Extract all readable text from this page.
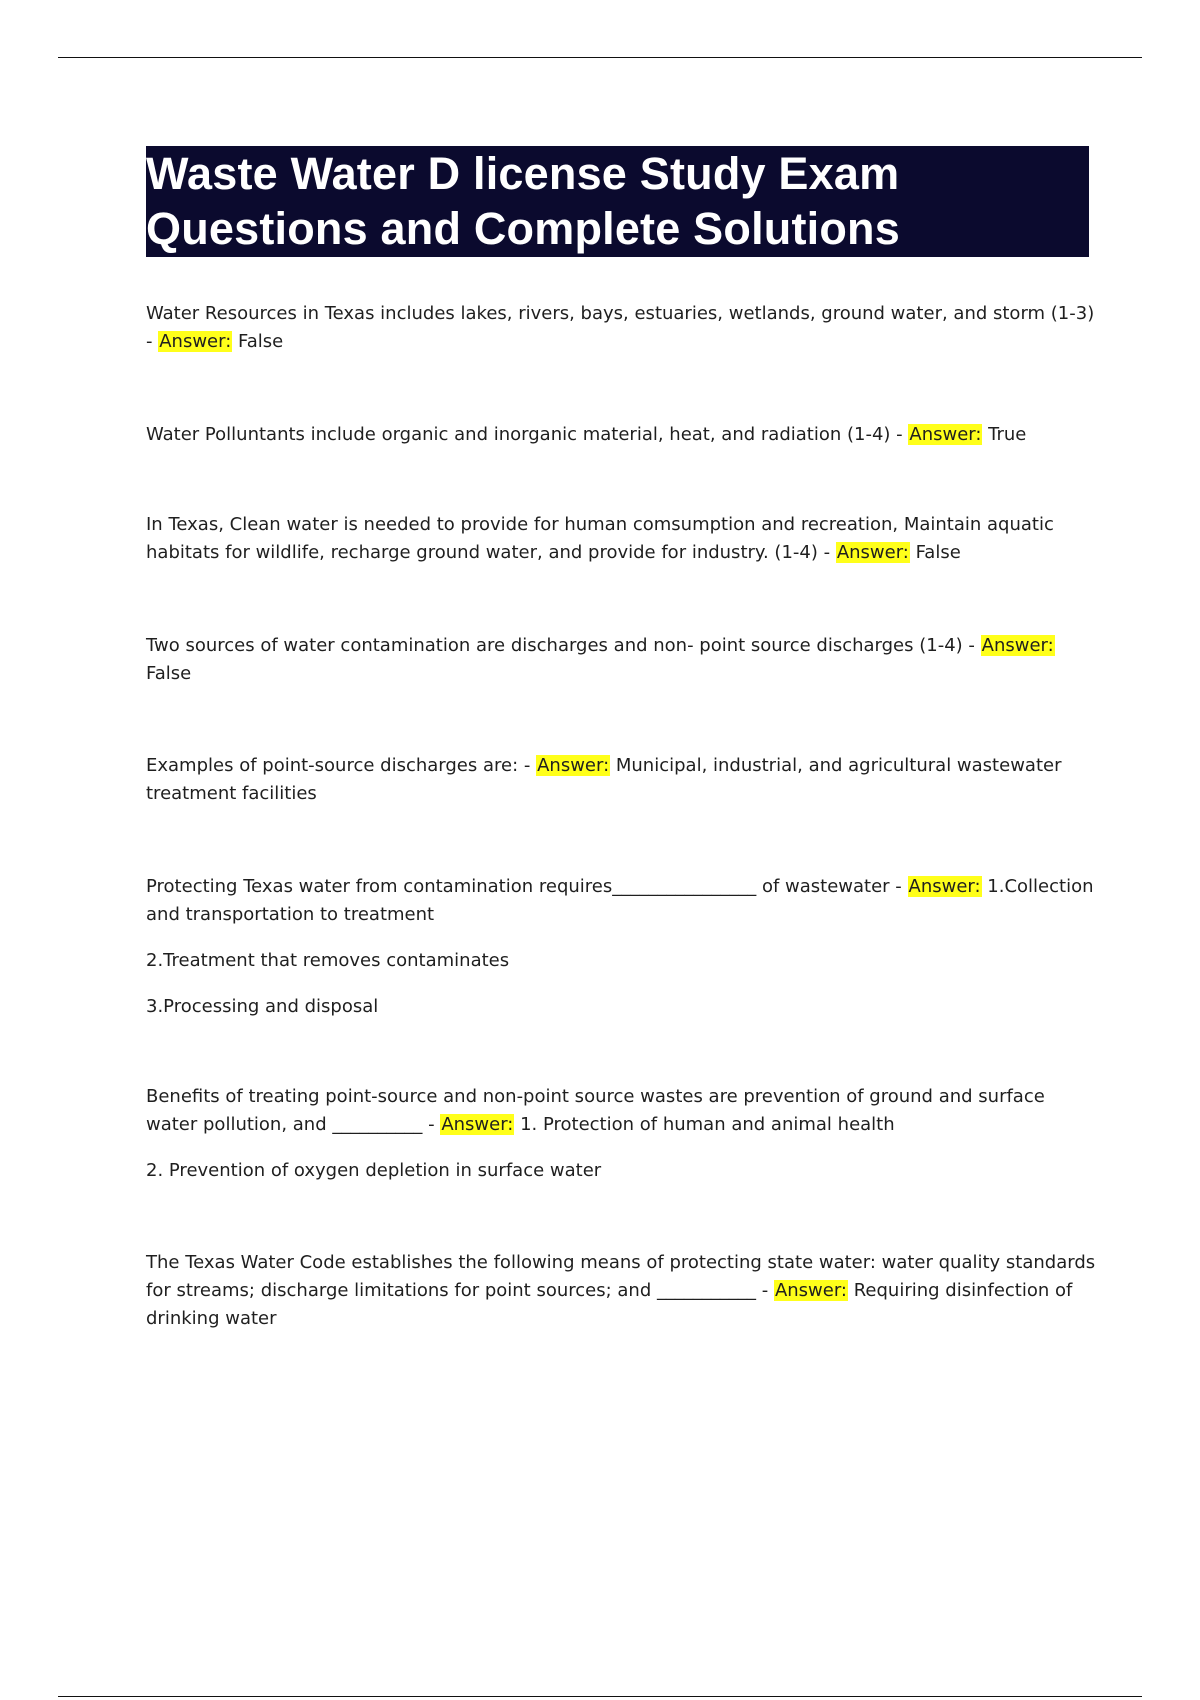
Waste Water D license Study Exam
Questions and Complete Solutions

Water Resources in Texas includes lakes, rivers, bays, estuaries, wetlands, ground water, and storm (1-3) - Answer: False

Water Polluntants include organic and inorganic material, heat, and radiation (1-4) - Answer: True

In Texas, Clean water is needed to provide for human comsumption and recreation, Maintain aquatic habitats for wildlife, recharge ground water, and provide for industry. (1-4) - Answer: False

Two sources of water contamination are discharges and non- point source discharges (1-4) - Answer: False

Examples of point-source discharges are: - Answer: Municipal, industrial, and agricultural wastewater treatment facilities

Protecting Texas water from contamination requires________________ of wastewater - Answer: 1.Collection and transportation to treatment

2.Treatment that removes contaminates

3.Processing and disposal

Benefits of treating point-source and non-point source wastes are prevention of ground and surface water pollution, and __________ - Answer: 1. Protection of human and animal health

2. Prevention of oxygen depletion in surface water

The Texas Water Code establishes the following means of protecting state water: water quality standards for streams; discharge limitations for point sources; and ___________ - Answer: Requiring disinfection of drinking water
